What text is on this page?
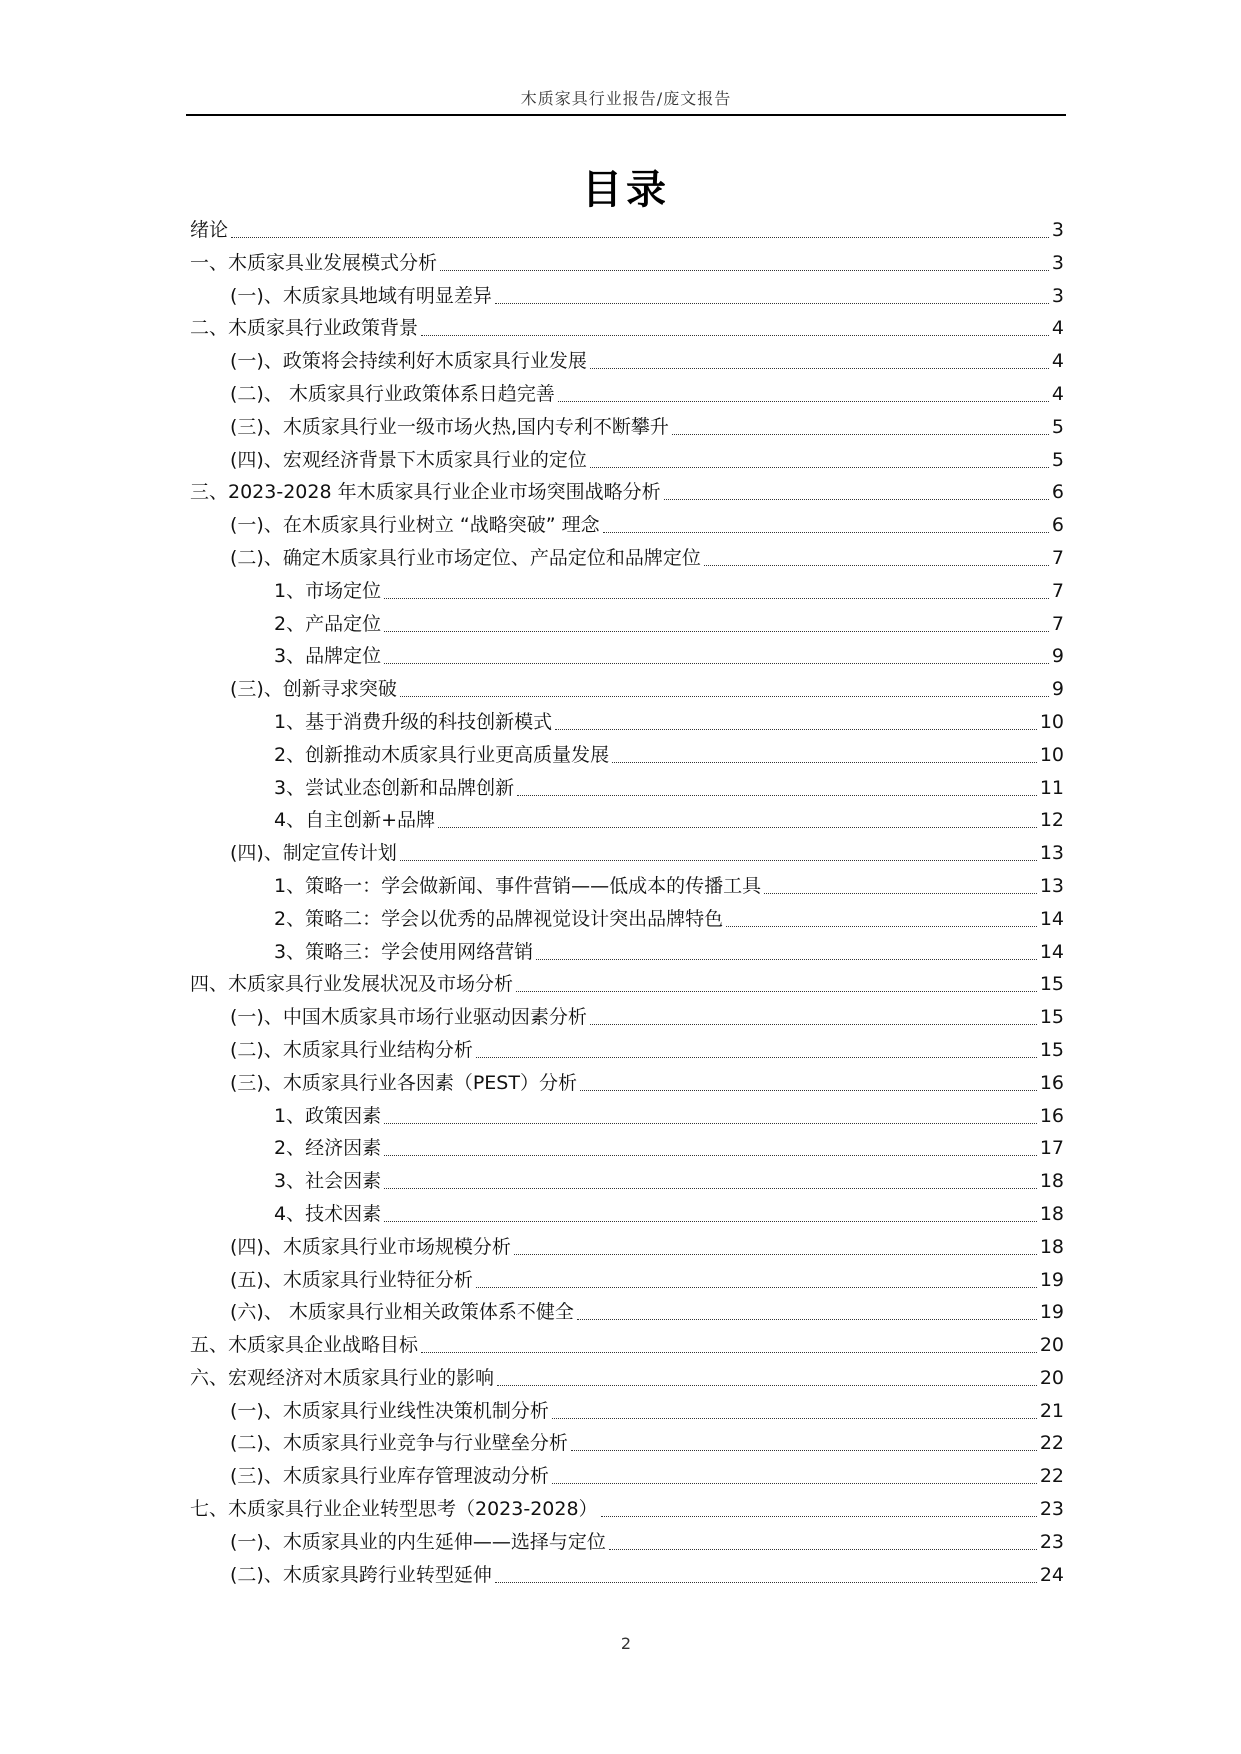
木质家具行业报告/庞文报告
目录
绪论	3
一、木质家具业发展模式分析	3
(一)、木质家具地域有明显差异	3
二、木质家具行业政策背景	4
(一)、政策将会持续利好木质家具行业发展	4
(二)、 木质家具行业政策体系日趋完善	4
(三)、木质家具行业一级市场火热,国内专利不断攀升	5
(四)、宏观经济背景下木质家具行业的定位	5
三、2023-2028 年木质家具行业企业市场突围战略分析	6
(一)、在木质家具行业树立 “战略突破” 理念	6
(二)、确定木质家具行业市场定位、产品定位和品牌定位	7
1、市场定位	7
2、产品定位	7
3、品牌定位	9
(三)、创新寻求突破	9
1、基于消费升级的科技创新模式	10
2、创新推动木质家具行业更高质量发展	10
3、尝试业态创新和品牌创新	11
4、自主创新+品牌	12
(四)、制定宣传计划	13
1、策略一：学会做新闻、事件营销——低成本的传播工具	13
2、策略二：学会以优秀的品牌视觉设计突出品牌特色	14
3、策略三：学会使用网络营销	14
四、木质家具行业发展状况及市场分析	15
(一)、中国木质家具市场行业驱动因素分析	15
(二)、木质家具行业结构分析	15
(三)、木质家具行业各因素（PEST）分析	16
1、政策因素	16
2、经济因素	17
3、社会因素	18
4、技术因素	18
(四)、木质家具行业市场规模分析	18
(五)、木质家具行业特征分析	19
(六)、 木质家具行业相关政策体系不健全	19
五、木质家具企业战略目标	20
六、宏观经济对木质家具行业的影响	20
(一)、木质家具行业线性决策机制分析	21
(二)、木质家具行业竞争与行业壁垒分析	22
(三)、木质家具行业库存管理波动分析	22
七、木质家具行业企业转型思考（2023-2028）	23
(一)、木质家具业的内生延伸——选择与定位	23
(二)、木质家具跨行业转型延伸	24
2
